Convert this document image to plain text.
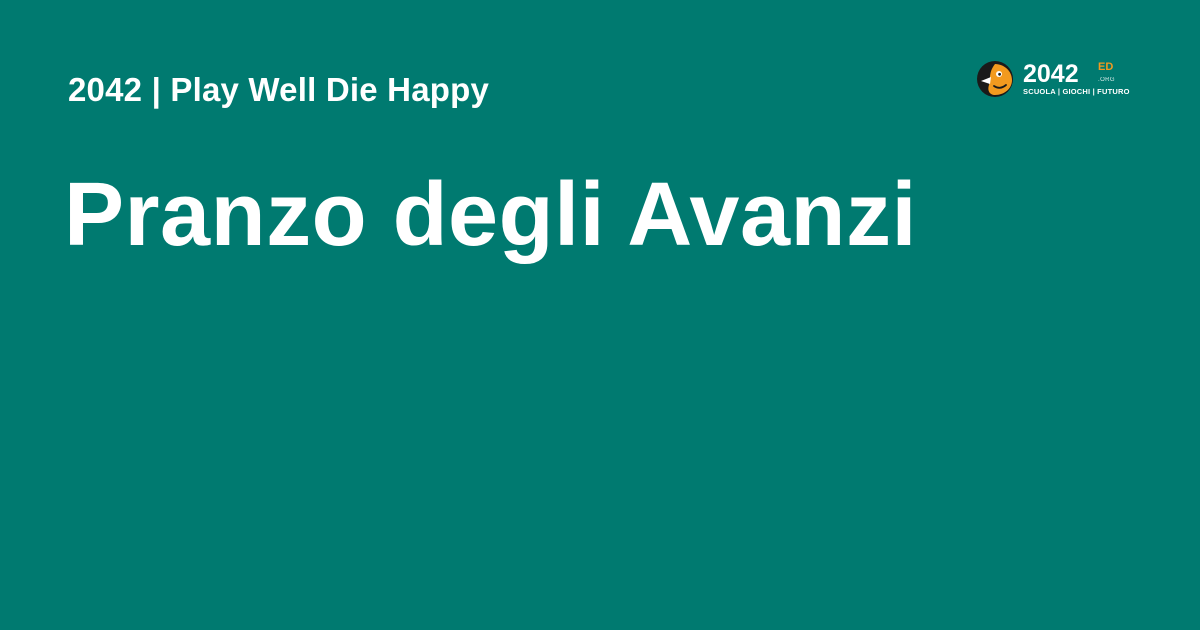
2042 | Play Well Die Happy
Pranzo degli Avanzi
2042 ED
.ORG
SCUOLA | GIOCHI | FUTURO
